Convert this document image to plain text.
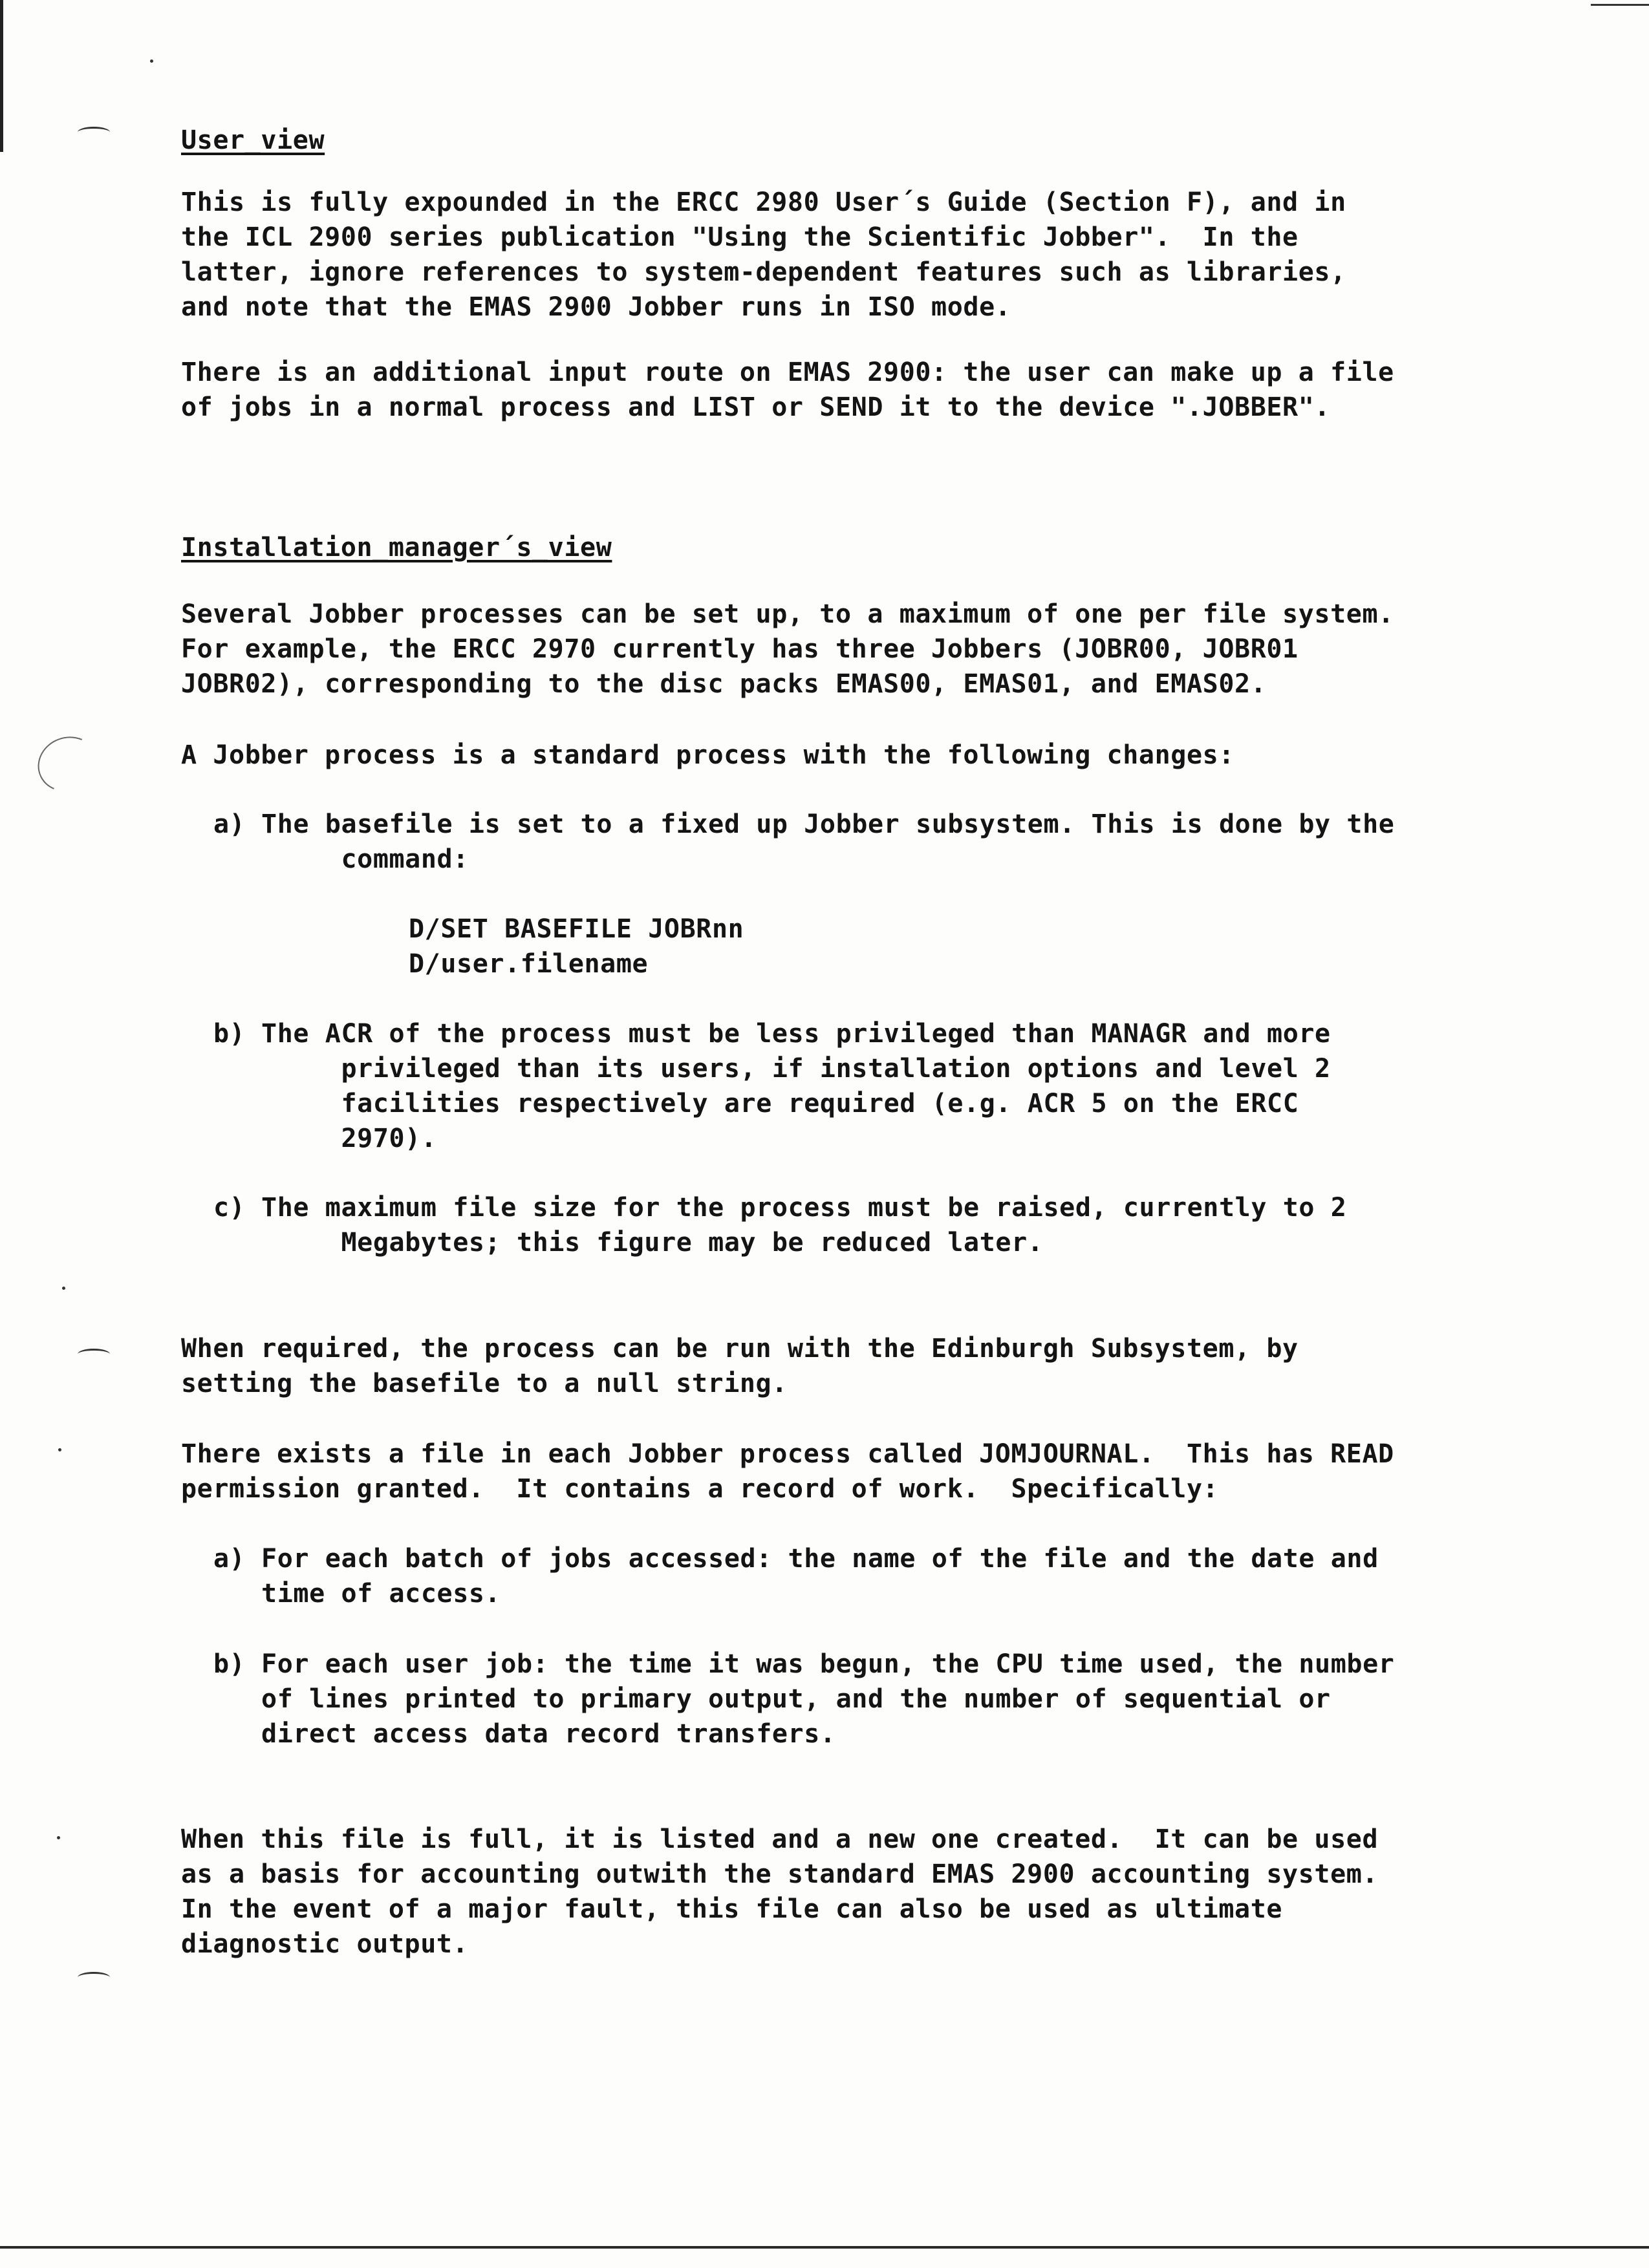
User_view

This is fully expounded in the ERCC 2980 User´s Guide (Section F), and in
the ICL 2900 series publication "Using the Scientific Jobber".  In the
latter, ignore references to system-dependent features such as libraries,
and note that the EMAS 2900 Jobber runs in ISO mode.

There is an additional input route on EMAS 2900: the user can make up a file
of jobs in a normal process and LIST or SEND it to the device ".JOBBER".

Installation_manager´s_view

Several Jobber processes can be set up, to a maximum of one per file system.
For example, the ERCC 2970 currently has three Jobbers (JOBR00, JOBR01
JOBR02), corresponding to the disc packs EMAS00, EMAS01, and EMAS02.

A Jobber process is a standard process with the following changes:

a) The basefile is set to a fixed up Jobber subsystem. This is done by the
command:

D/SET BASEFILE JOBRnn
D/user.filename

b) The ACR of the process must be less privileged than MANAGR and more
privileged than its users, if installation options and level 2
facilities respectively are required (e.g. ACR 5 on the ERCC
2970).

c) The maximum file size for the process must be raised, currently to 2
Megabytes; this figure may be reduced later.

When required, the process can be run with the Edinburgh Subsystem, by
setting the basefile to a null string.

There exists a file in each Jobber process called JOMJOURNAL.  This has READ
permission granted.  It contains a record of work.  Specifically:

a) For each batch of jobs accessed: the name of the file and the date and
time of access.

b) For each user job: the time it was begun, the CPU time used, the number
of lines printed to primary output, and the number of sequential or
direct access data record transfers.

When this file is full, it is listed and a new one created.  It can be used
as a basis for accounting outwith the standard EMAS 2900 accounting system.
In the event of a major fault, this file can also be used as ultimate
diagnostic output.
